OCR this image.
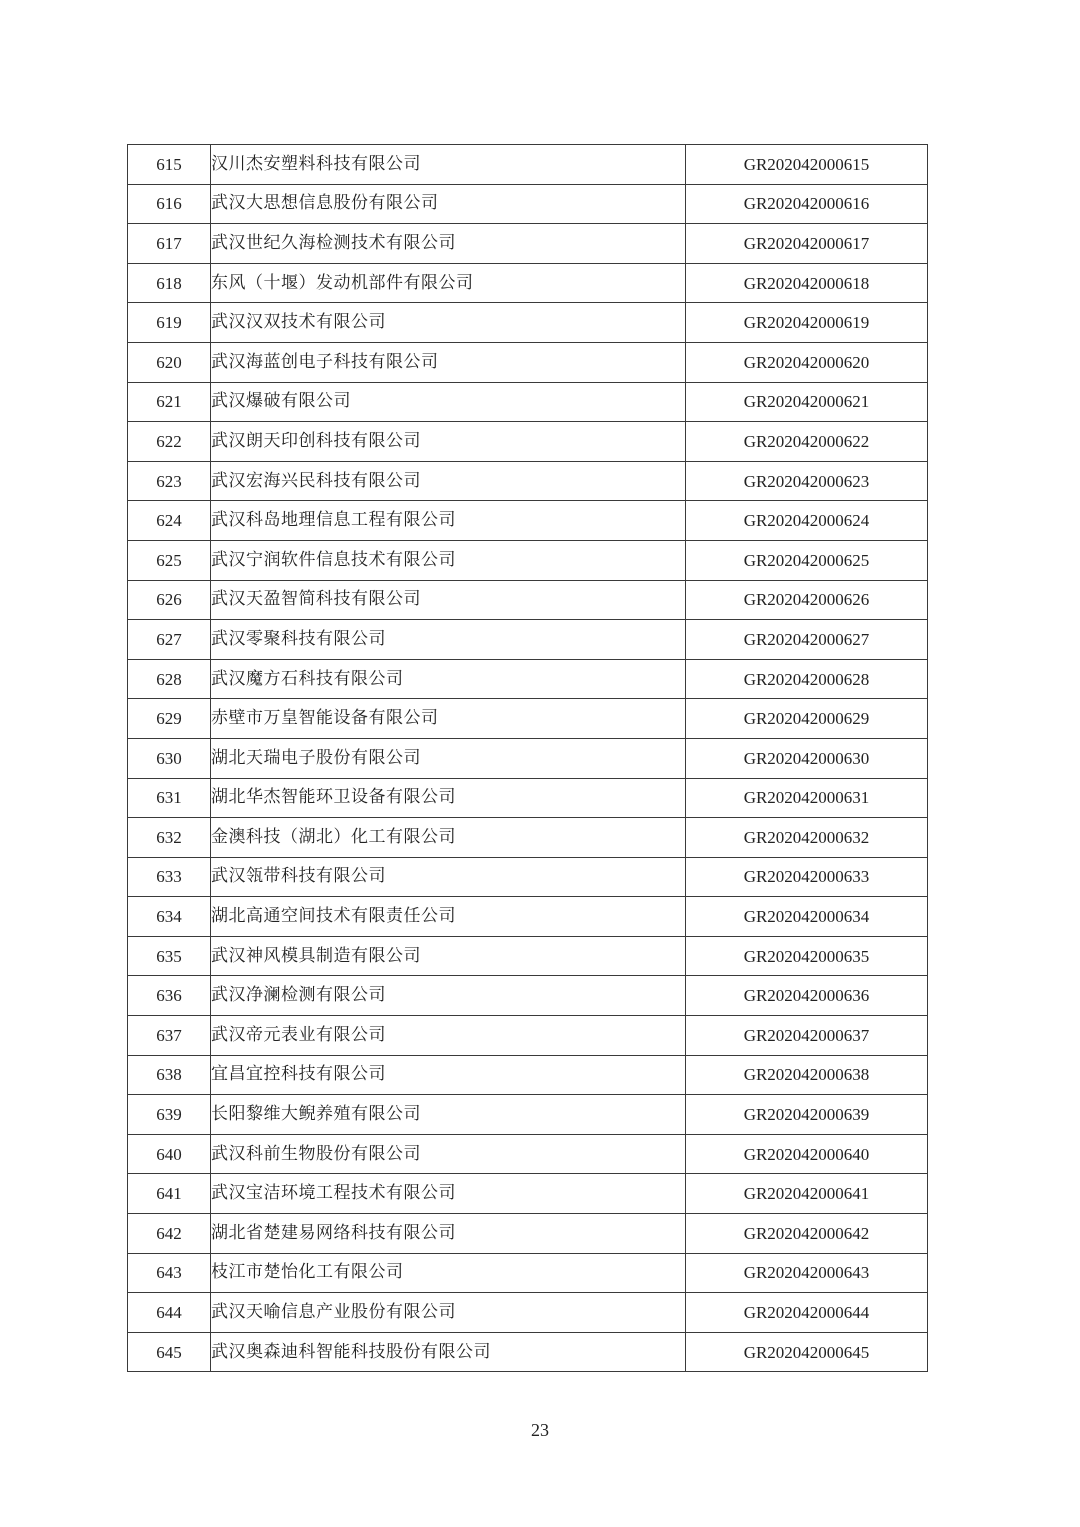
615	汉川杰安塑料科技有限公司	GR202042000615
616	武汉大思想信息股份有限公司	GR202042000616
617	武汉世纪久海检测技术有限公司	GR202042000617
618	东风（十堰）发动机部件有限公司	GR202042000618
619	武汉汉双技术有限公司	GR202042000619
620	武汉海蓝创电子科技有限公司	GR202042000620
621	武汉爆破有限公司	GR202042000621
622	武汉朗天印创科技有限公司	GR202042000622
623	武汉宏海兴民科技有限公司	GR202042000623
624	武汉科岛地理信息工程有限公司	GR202042000624
625	武汉宁润软件信息技术有限公司	GR202042000625
626	武汉天盈智简科技有限公司	GR202042000626
627	武汉零聚科技有限公司	GR202042000627
628	武汉魔方石科技有限公司	GR202042000628
629	赤壁市万皇智能设备有限公司	GR202042000629
630	湖北天瑞电子股份有限公司	GR202042000630
631	湖北华杰智能环卫设备有限公司	GR202042000631
632	金澳科技（湖北）化工有限公司	GR202042000632
633	武汉瓴带科技有限公司	GR202042000633
634	湖北高通空间技术有限责任公司	GR202042000634
635	武汉神风模具制造有限公司	GR202042000635
636	武汉净澜检测有限公司	GR202042000636
637	武汉帝元表业有限公司	GR202042000637
638	宜昌宜控科技有限公司	GR202042000638
639	长阳黎维大鲵养殖有限公司	GR202042000639
640	武汉科前生物股份有限公司	GR202042000640
641	武汉宝洁环境工程技术有限公司	GR202042000641
642	湖北省楚建易网络科技有限公司	GR202042000642
643	枝江市楚怡化工有限公司	GR202042000643
644	武汉天喻信息产业股份有限公司	GR202042000644
645	武汉奥森迪科智能科技股份有限公司	GR202042000645
23
